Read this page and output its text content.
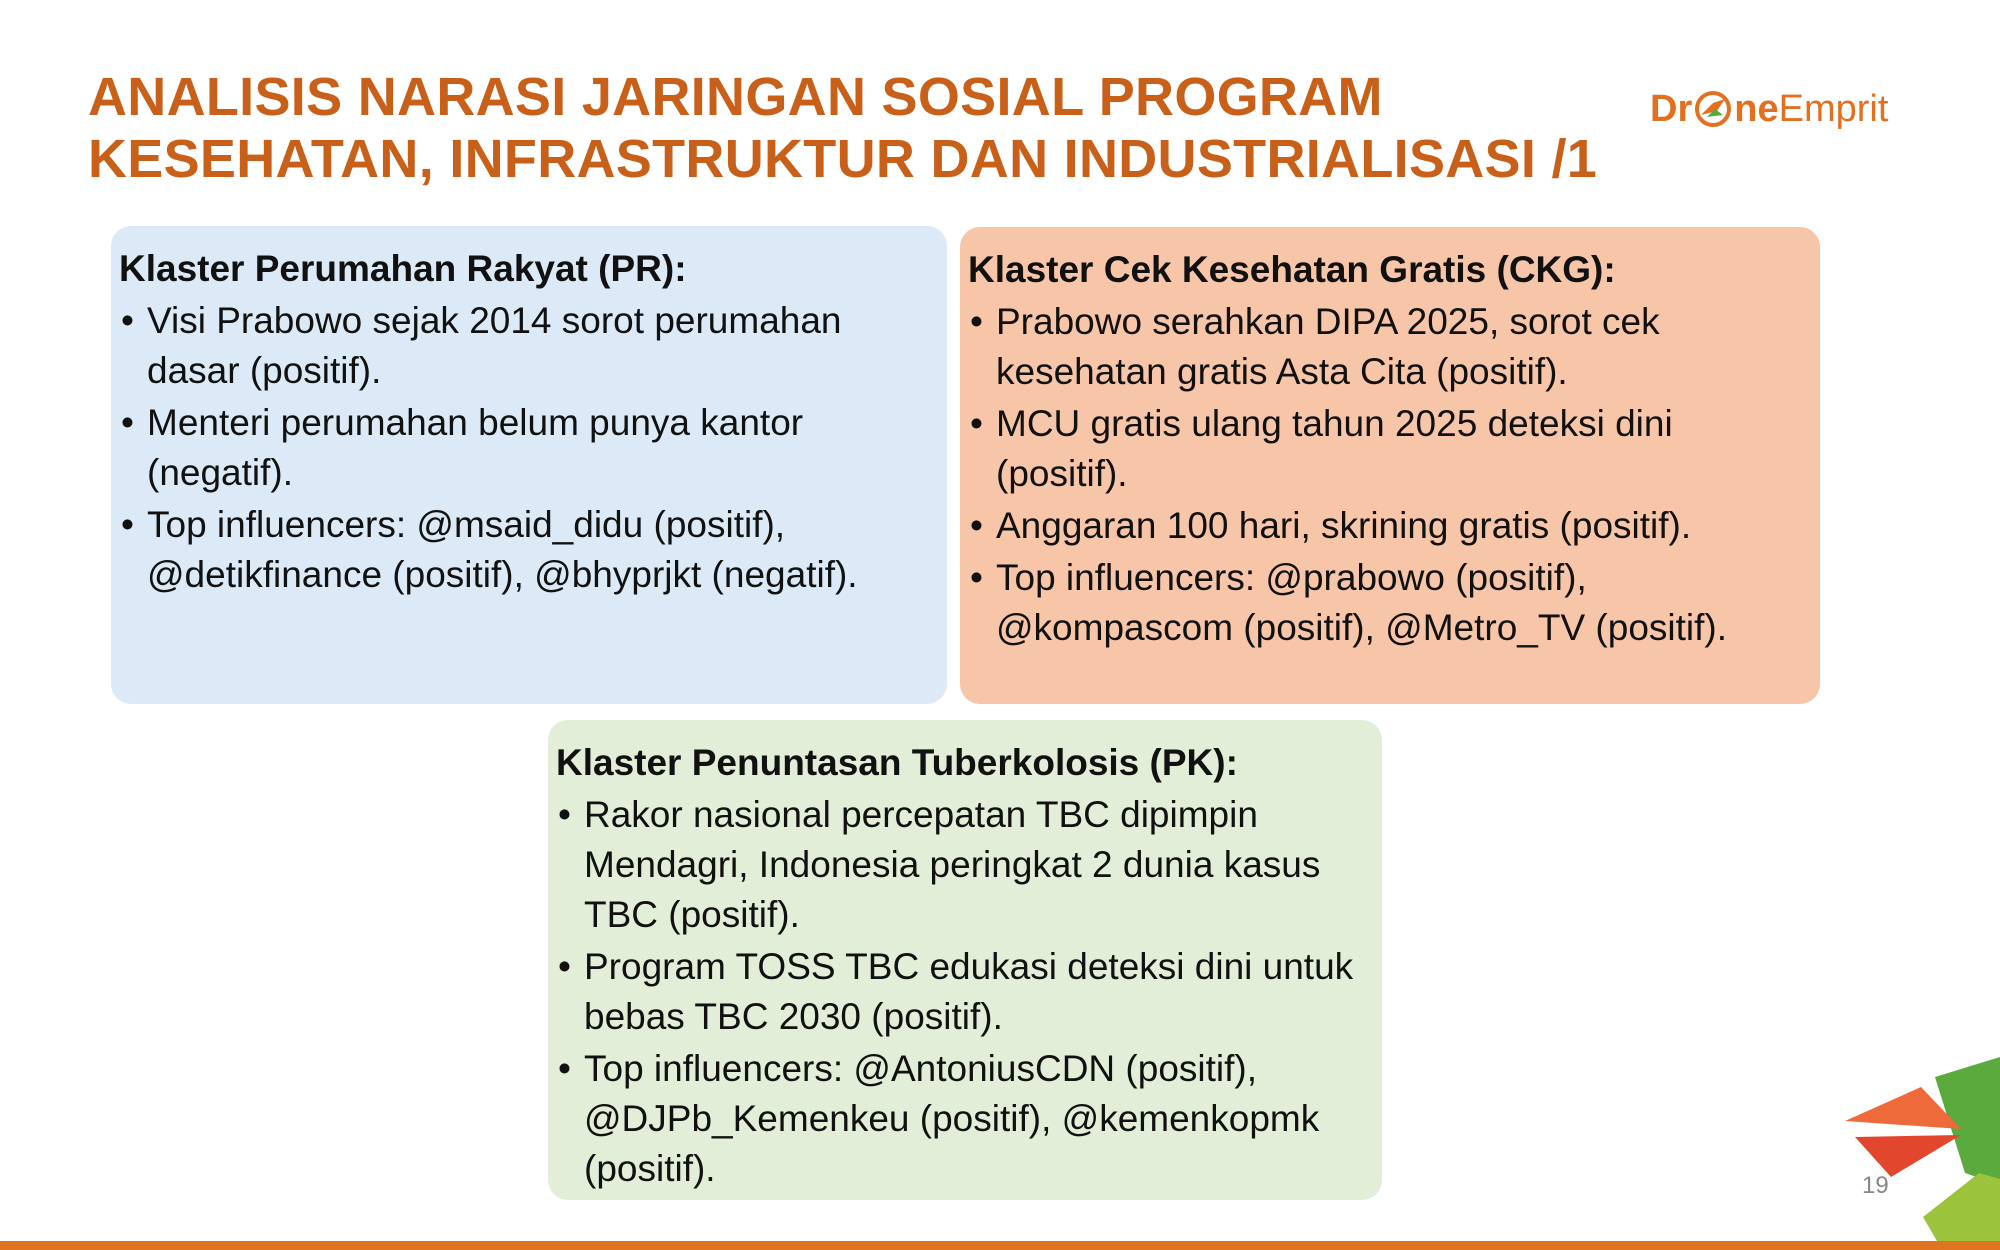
ANALISIS NARASI JARINGAN SOSIAL PROGRAM
KESEHATAN, INFRASTRUKTUR DAN INDUSTRIALISASI /1
Dr ne Emprit
Klaster Perumahan Rakyat (PR):
• Visi Prabowo sejak 2014 sorot perumahan dasar (positif).
• Menteri perumahan belum punya kantor (negatif).
• Top influencers: @msaid_didu (positif), @detikfinance (positif), @bhyprjkt (negatif).
Klaster Cek Kesehatan Gratis (CKG):
• Prabowo serahkan DIPA 2025, sorot cek kesehatan gratis Asta Cita (positif).
• MCU gratis ulang tahun 2025 deteksi dini (positif).
• Anggaran 100 hari, skrining gratis (positif).
• Top influencers: @prabowo (positif), @kompascom (positif), @Metro_TV (positif).
Klaster Penuntasan Tuberkolosis (PK):
• Rakor nasional percepatan TBC dipimpin Mendagri, Indonesia peringkat 2 dunia kasus TBC (positif).
• Program TOSS TBC edukasi deteksi dini untuk bebas TBC 2030 (positif).
• Top influencers: @AntoniusCDN (positif), @DJPb_Kemenkeu (positif), @kemenkopmk (positif).	19
